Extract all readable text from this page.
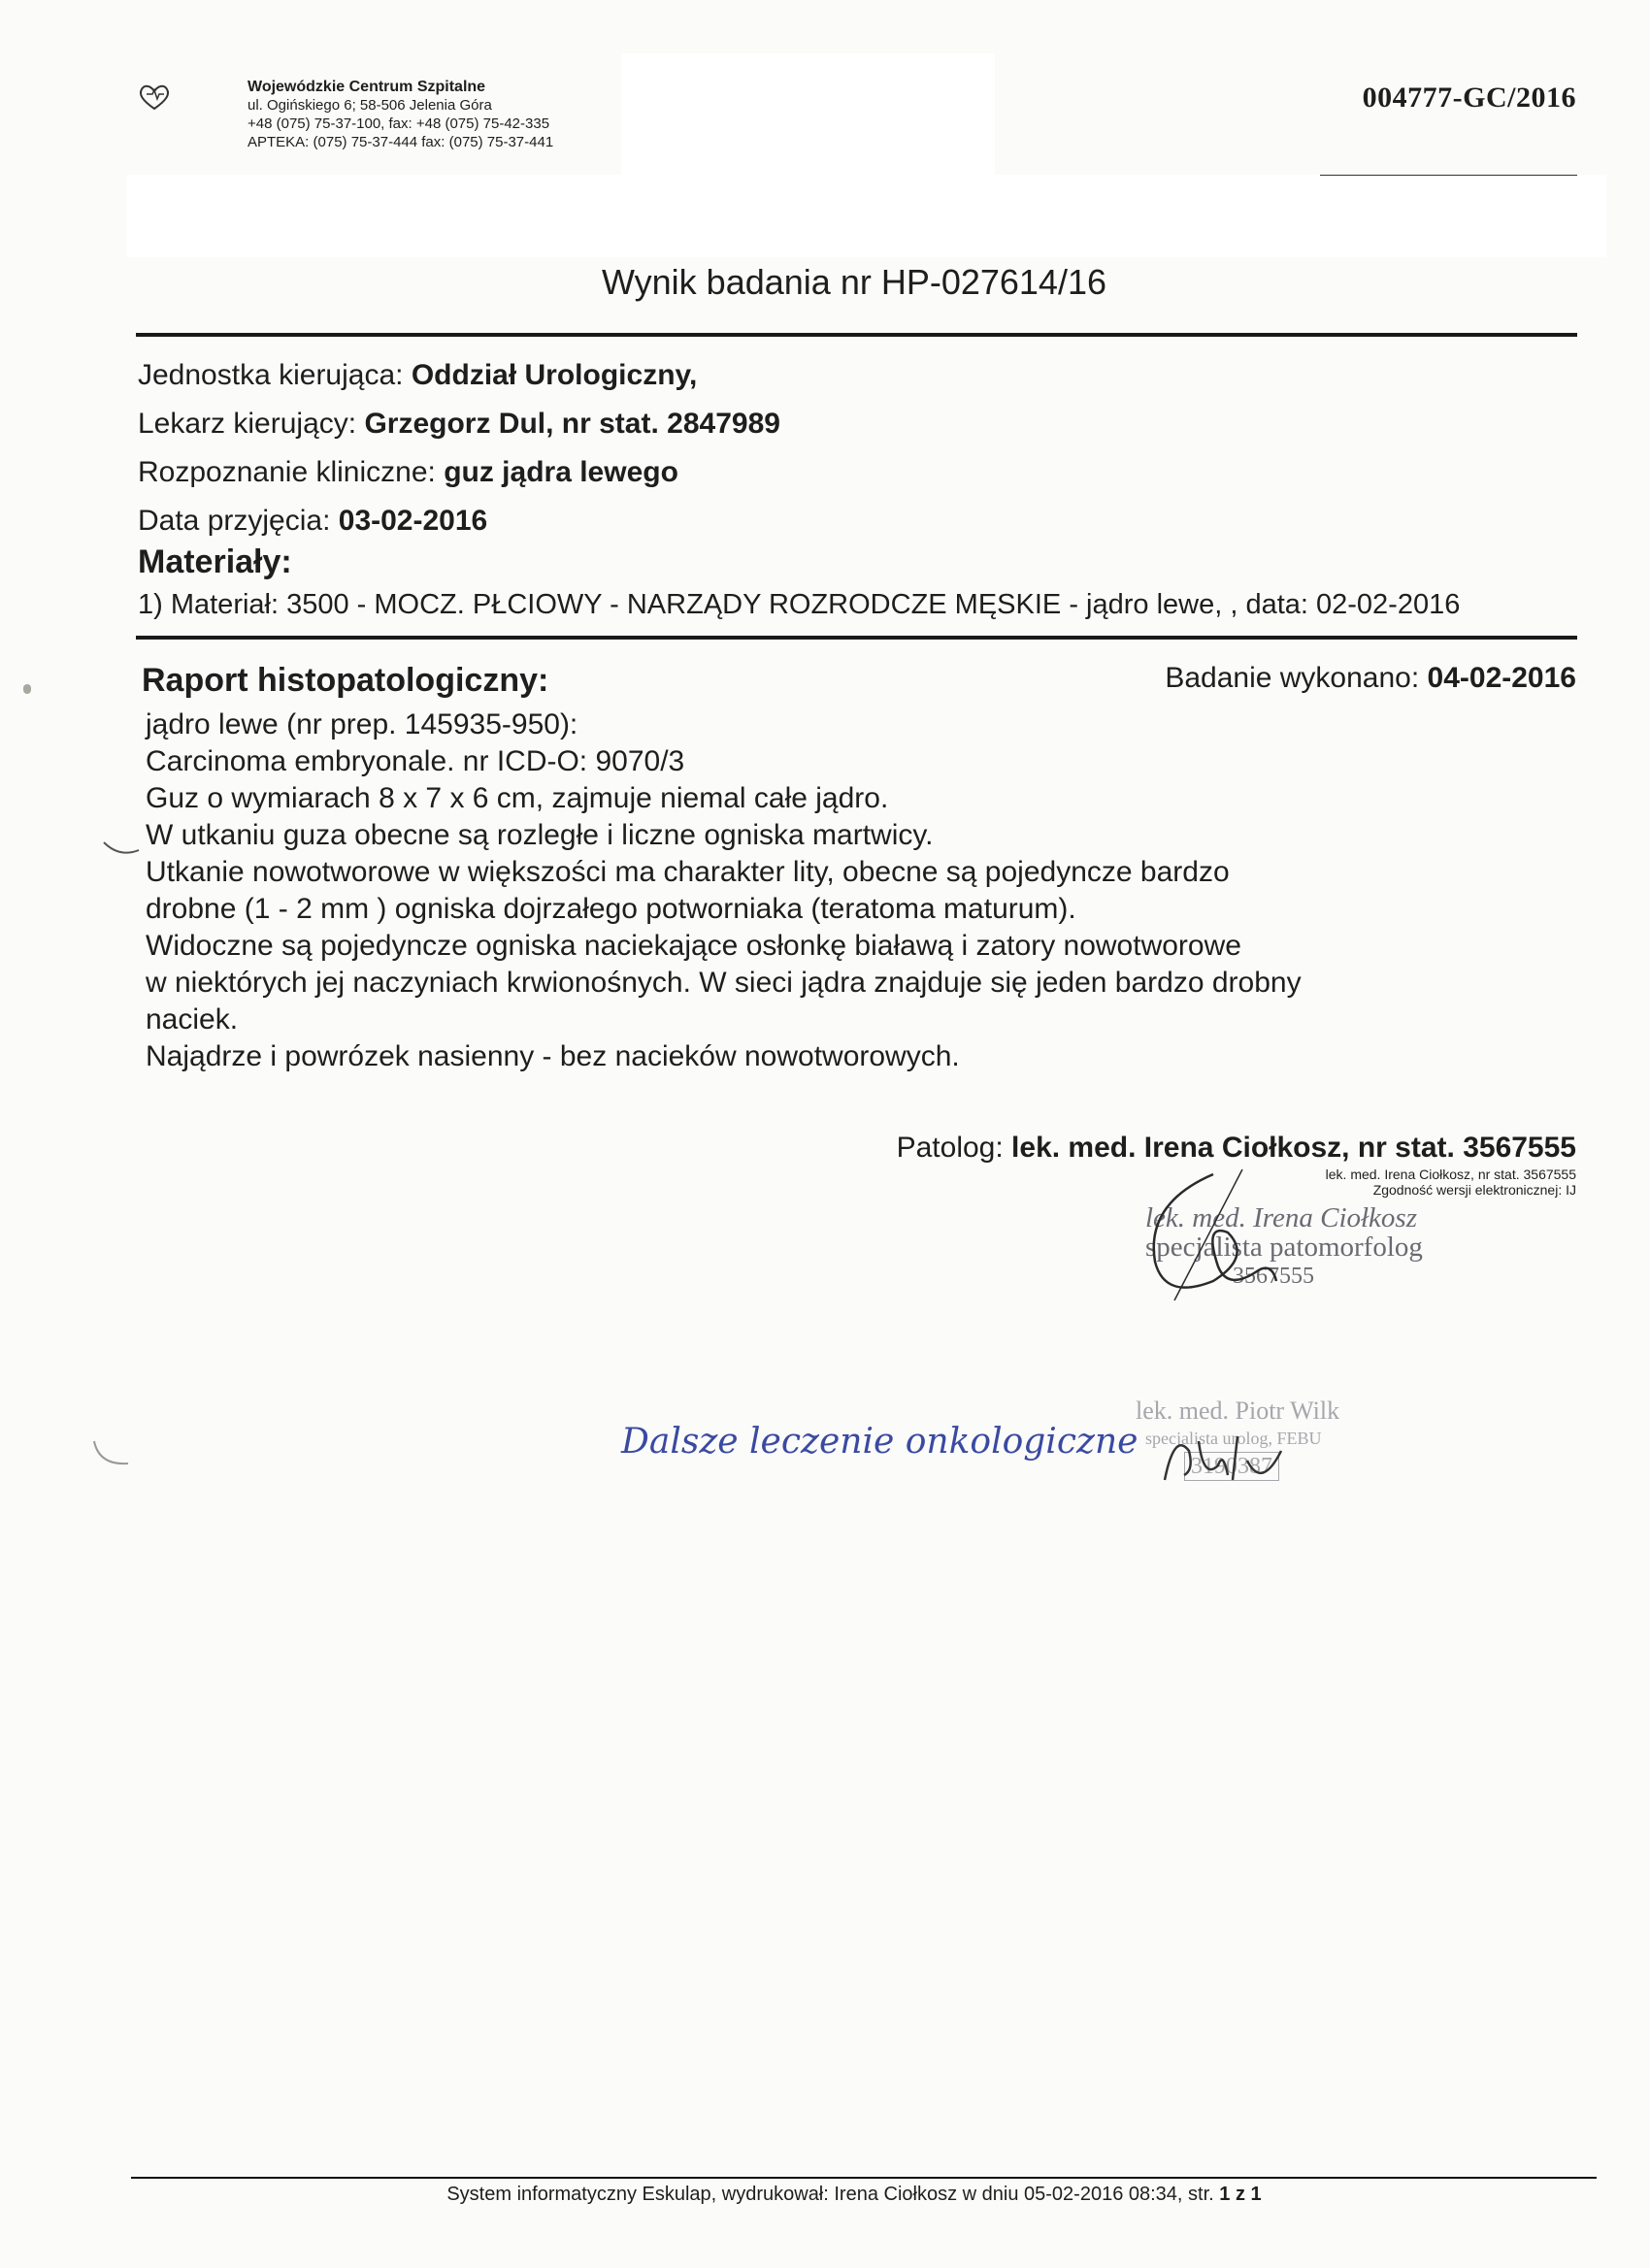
Wojewódzkie Centrum Szpitalne
ul. Ogińskiego 6; 58-506 Jelenia Góra
+48 (075) 75-37-100, fax: +48 (075) 75-42-335
APTEKA: (075) 75-37-444 fax: (075) 75-37-441
004777-GC/2016
Wynik badania nr HP-027614/16
Jednostka kierująca: Oddział Urologiczny,
Lekarz kierujący: Grzegorz Dul, nr stat. 2847989
Rozpoznanie kliniczne: guz jądra lewego
Data przyjęcia: 03-02-2016
Materiały:
1) Materiał: 3500 - MOCZ. PŁCIOWY - NARZĄDY ROZRODCZE MĘSKIE - jądro lewe, , data: 02-02-2016
Raport histopatologiczny:	Badanie wykonano: 04-02-2016
jądro lewe (nr prep. 145935-950):
Carcinoma embryonale. nr ICD-O: 9070/3
Guz o wymiarach 8 x 7 x 6 cm, zajmuje niemal całe jądro.
W utkaniu guza obecne są rozległe i liczne ogniska martwicy.
Utkanie nowotworowe w większości ma charakter lity, obecne są pojedyncze bardzo
drobne (1 - 2 mm ) ogniska dojrzałego potworniaka (teratoma maturum).
Widoczne są pojedyncze ogniska naciekające osłonkę białawą i zatory nowotworowe
w niektórych jej naczyniach krwionośnych. W sieci jądra znajduje się jeden bardzo drobny
naciek.
Najądrze i powrózek nasienny - bez nacieków nowotworowych.
Patolog: lek. med. Irena Ciołkosz, nr stat. 3567555
lek. med. Irena Ciołkosz, nr stat. 3567555
Zgodność wersji elektronicznej: IJ
lek. med. Irena Ciołkosz
specjalista patomorfolog
3567555
Dalsze leczenie onkologiczne
lek. med. Piotr Wilk
specjalista urolog, FEBU
3190387
System informatyczny Eskulap, wydrukował: Irena Ciołkosz w dniu 05-02-2016 08:34, str. 1 z 1
